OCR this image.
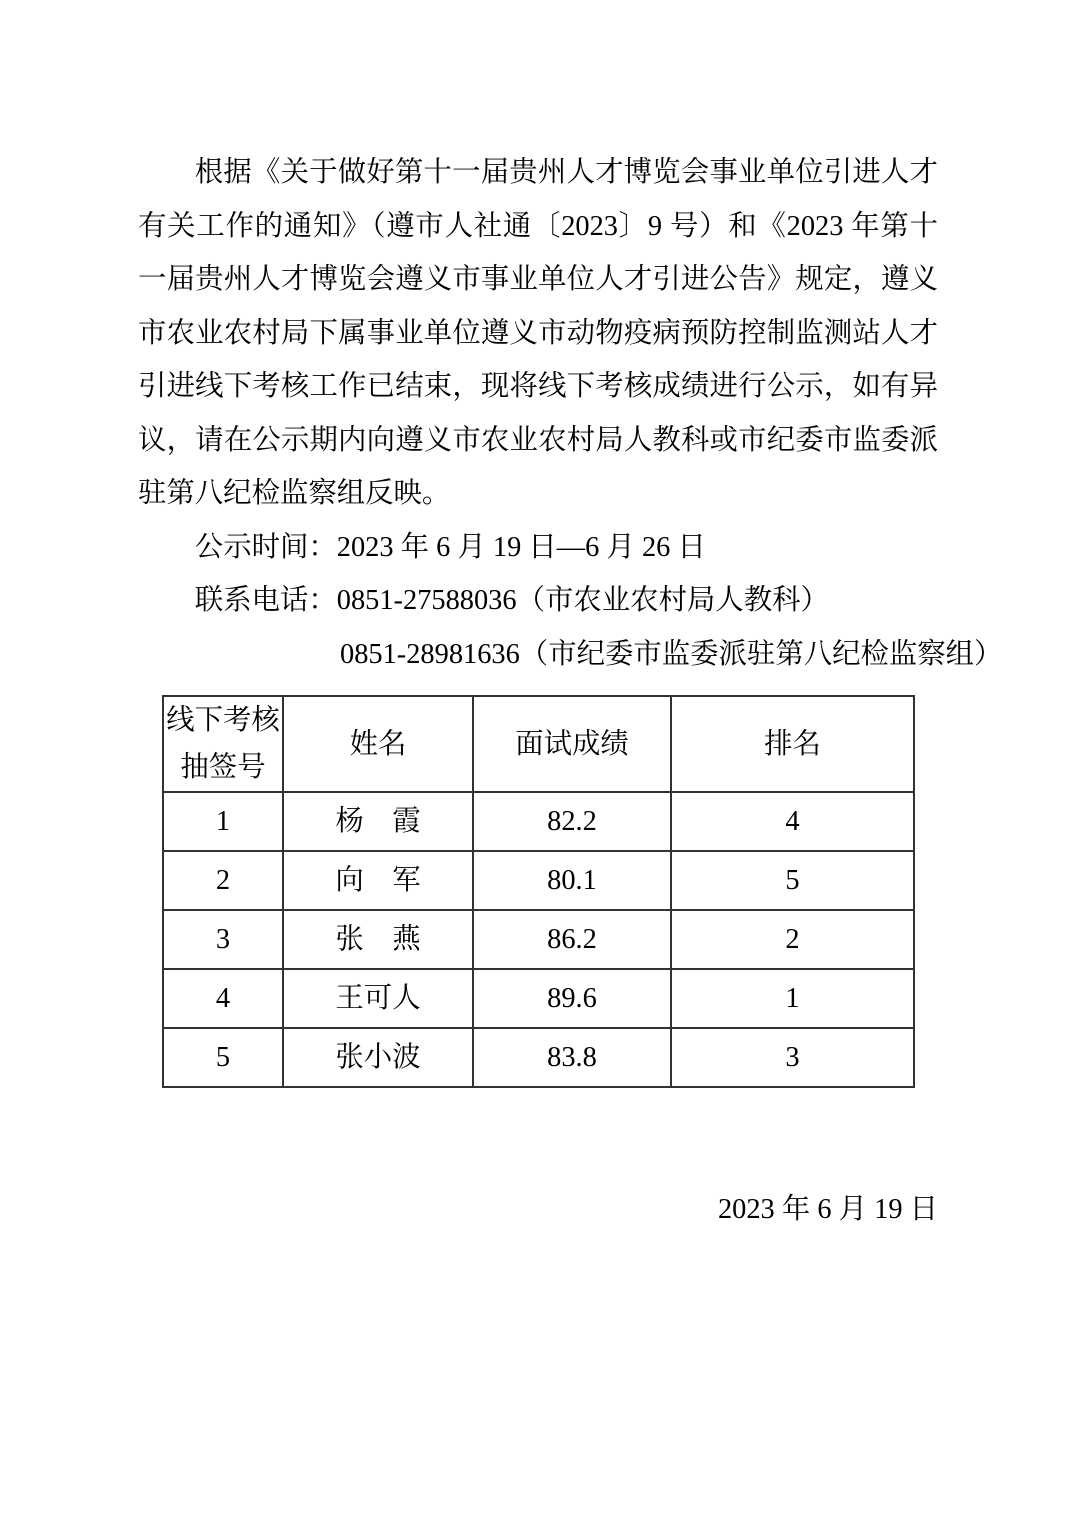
根据《关于做好第十一届贵州人才博览会事业单位引进人才有关工作的通知》（遵市人社通〔2023〕9 号）和《2023 年第十一届贵州人才博览会遵义市事业单位人才引进公告》规定，遵义市农业农村局下属事业单位遵义市动物疫病预防控制监测站人才引进线下考核工作已结束，现将线下考核成绩进行公示，如有异议，请在公示期内向遵义市农业农村局人教科或市纪委市监委派驻第八纪检监察组反映。

公示时间：2023 年 6 月 19 日—6 月 26 日

联系电话：0851-27588036（市农业农村局人教科）

0851-28981636（市纪委市监委派驻第八纪检监察组）

线下考核抽签号	姓名	面试成绩	排名
1	杨　霞	82.2	4
2	向　军	80.1	5
3	张　燕	86.2	2
4	王可人	89.6	1
5	张小波	83.8	3

2023 年 6 月 19 日
